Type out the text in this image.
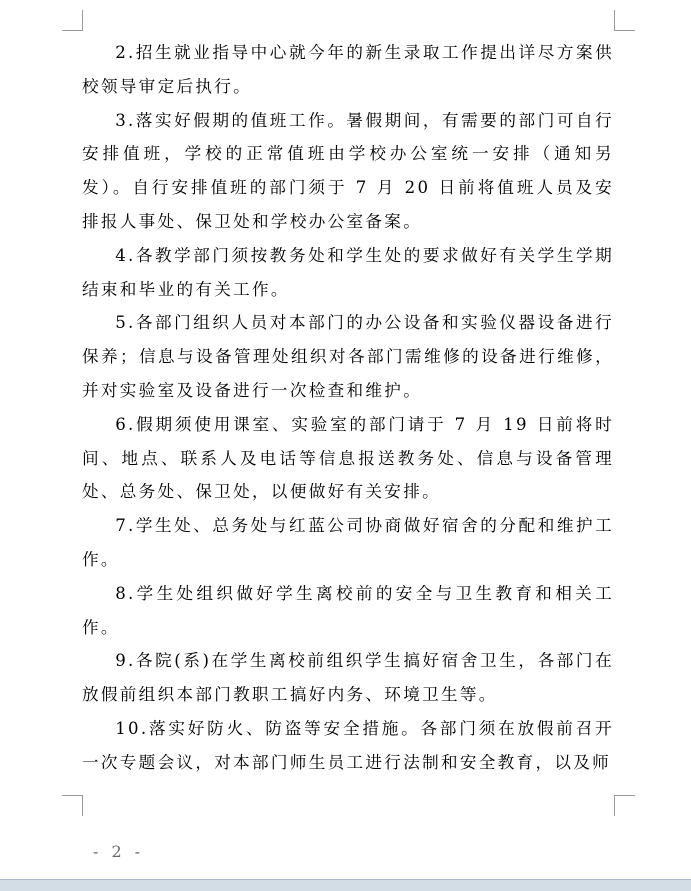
2.招生就业指导中心就今年的新生录取工作提出详尽方案供校领导审定后执行。

3.落实好假期的值班工作。暑假期间，有需要的部门可自行安排值班，学校的正常值班由学校办公室统一安排（通知另发）。自行安排值班的部门须于 7 月 20 日前将值班人员及安排报人事处、保卫处和学校办公室备案。

4.各教学部门须按教务处和学生处的要求做好有关学生学期结束和毕业的有关工作。

5.各部门组织人员对本部门的办公设备和实验仪器设备进行保养；信息与设备管理处组织对各部门需维修的设备进行维修，并对实验室及设备进行一次检查和维护。

6.假期须使用课室、实验室的部门请于 7 月 19 日前将时间、地点、联系人及电话等信息报送教务处、信息与设备管理处、总务处、保卫处，以便做好有关安排。

7.学生处、总务处与红蓝公司协商做好宿舍的分配和维护工作。

8.学生处组织做好学生离校前的安全与卫生教育和相关工作。

9.各院(系)在学生离校前组织学生搞好宿舍卫生，各部门在放假前组织本部门教职工搞好内务、环境卫生等。

10.落实好防火、防盗等安全措施。各部门须在放假前召开一次专题会议，对本部门师生员工进行法制和安全教育，以及师

- 2 -
